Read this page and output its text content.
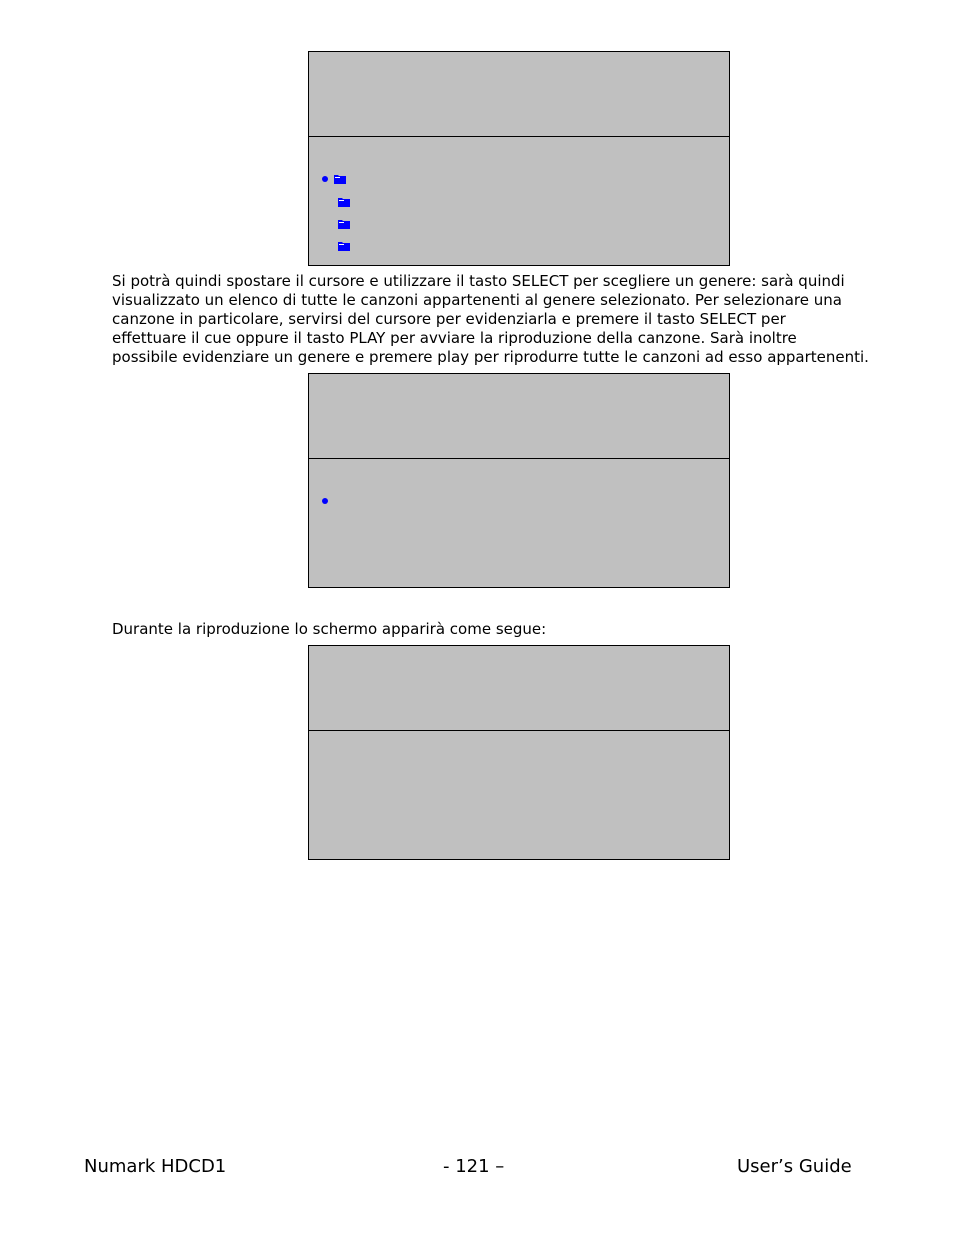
Si potrà quindi spostare il cursore e utilizzare il tasto SELECT per scegliere un genere: sarà quindi
visualizzato un elenco di tutte le canzoni appartenenti al genere selezionato. Per selezionare una
canzone in particolare, servirsi del cursore per evidenziarla e premere il tasto SELECT per
effettuare il cue oppure il tasto PLAY per avviare la riproduzione della canzone. Sarà inoltre
possibile evidenziare un genere e premere play per riprodurre tutte le canzoni ad esso appartenenti.

Durante la riproduzione lo schermo apparirà come segue:

Numark HDCD1	- 121 –	User’s Guide
